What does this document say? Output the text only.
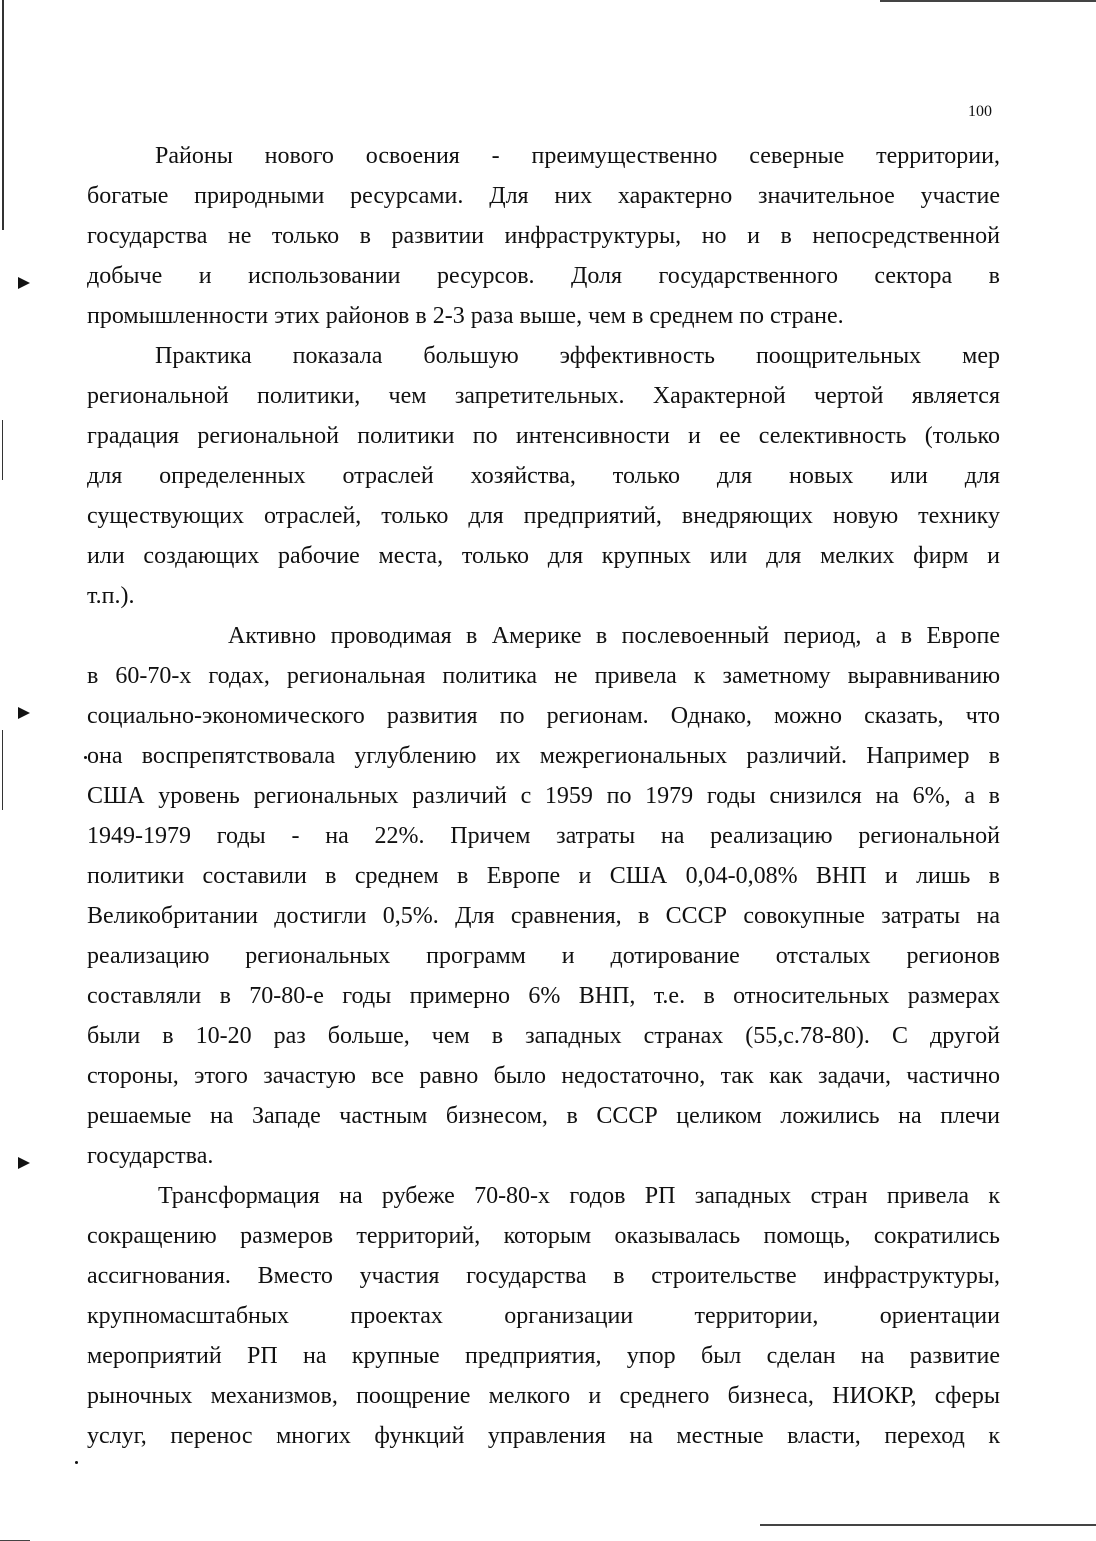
100
Районы нового освоения - преимущественно северные территории,
богатые природными ресурсами. Для них характерно значительное участие
государства не только в развитии инфраструктуры, но и в непосредственной
добыче и использовании ресурсов. Доля государственного сектора в
промышленности этих районов в 2-3 раза выше, чем в среднем по стране.
Практика показала большую эффективность поощрительных мер
региональной политики, чем запретительных. Характерной чертой является
градация региональной политики по интенсивности и ее селективность (только
для определенных отраслей хозяйства, только для новых или для
существующих отраслей, только для предприятий, внедряющих новую технику
или создающих рабочие места, только для крупных или для мелких фирм и
т.п.).
Активно проводимая в Америке в послевоенный период, а в Европе
в 60-70-х годах, региональная политика не привела к заметному выравниванию
социально-экономического развития по регионам. Однако, можно сказать, что
она воспрепятствовала углублению их межрегиональных различий. Например в
США уровень региональных различий с 1959 по 1979 годы снизился на 6%, а в
1949-1979 годы - на 22%. Причем затраты на реализацию региональной
политики составили в среднем в Европе и США 0,04-0,08% ВНП и лишь в
Великобритании достигли 0,5%. Для сравнения, в СССР совокупные затраты на
реализацию региональных программ и дотирование отсталых регионов
составляли в 70-80-е годы примерно 6% ВНП, т.е. в относительных размерах
были в 10-20 раз больше, чем в западных странах (55,с.78-80). С другой
стороны, этого зачастую все равно было недостаточно, так как задачи, частично
решаемые на Западе частным бизнесом, в СССР целиком ложились на плечи
государства.
Трансформация на рубеже 70-80-х годов РП западных стран привела к
сокращению размеров территорий, которым оказывалась помощь, сократились
ассигнования. Вместо участия государства в строительстве инфраструктуры,
крупномасштабных проектах организации территории, ориентации
мероприятий РП на крупные предприятия, упор был сделан на развитие
рыночных механизмов, поощрение мелкого и среднего бизнеса, НИОКР, сферы
услуг, перенос многих функций управления на местные власти, переход к
